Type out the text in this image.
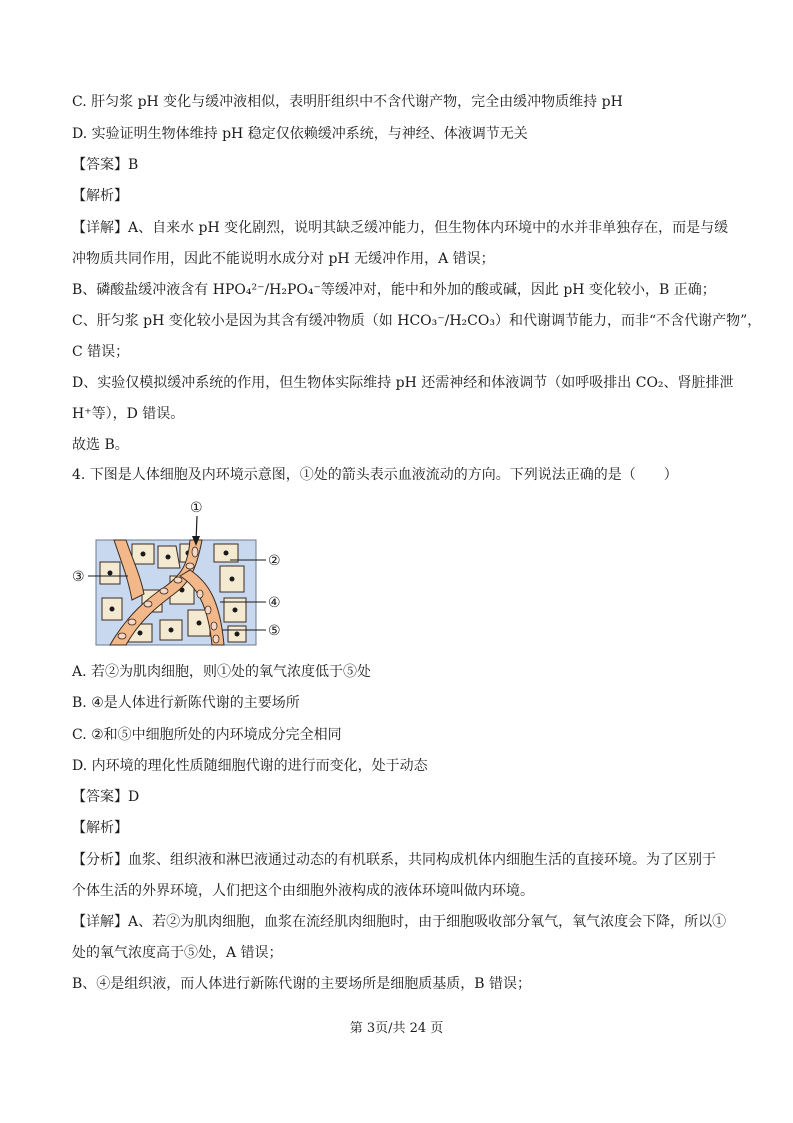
C. 肝匀浆 pH 变化与缓冲液相似，表明肝组织中不含代谢产物，完全由缓冲物质维持 pH
D. 实验证明生物体维持 pH 稳定仅依赖缓冲系统，与神经、体液调节无关
【答案】B
【解析】
【详解】A、自来水 pH 变化剧烈，说明其缺乏缓冲能力，但生物体内环境中的水并非单独存在，而是与缓
冲物质共同作用，因此不能说明水成分对 pH 无缓冲作用，A 错误；
B、磷酸盐缓冲液含有 HPO₄²⁻/H₂PO₄⁻等缓冲对，能中和外加的酸或碱，因此 pH 变化较小，B 正确；
C、肝匀浆 pH 变化较小是因为其含有缓冲物质（如 HCO₃⁻/H₂CO₃）和代谢调节能力，而非“不含代谢产物”，
C 错误；
D、实验仅模拟缓冲系统的作用，但生物体实际维持 pH 还需神经和体液调节（如呼吸排出 CO₂、肾脏排泄
H⁺等），D 错误。
故选 B。
4. 下图是人体细胞及内环境示意图，①处的箭头表示血液流动的方向。下列说法正确的是（　　）
①
②
③
④
⑤
A. 若②为肌肉细胞，则①处的氧气浓度低于⑤处
B. ④是人体进行新陈代谢的主要场所
C. ②和⑤中细胞所处的内环境成分完全相同
D. 内环境的理化性质随细胞代谢的进行而变化，处于动态
【答案】D
【解析】
【分析】血浆、组织液和淋巴液通过动态的有机联系，共同构成机体内细胞生活的直接环境。为了区别于
个体生活的外界环境，人们把这个由细胞外液构成的液体环境叫做内环境。
【详解】A、若②为肌肉细胞，血浆在流经肌肉细胞时，由于细胞吸收部分氧气，氧气浓度会下降，所以①
处的氧气浓度高于⑤处，A 错误；
B、④是组织液，而人体进行新陈代谢的主要场所是细胞质基质，B 错误；
第 3页/共 24 页
